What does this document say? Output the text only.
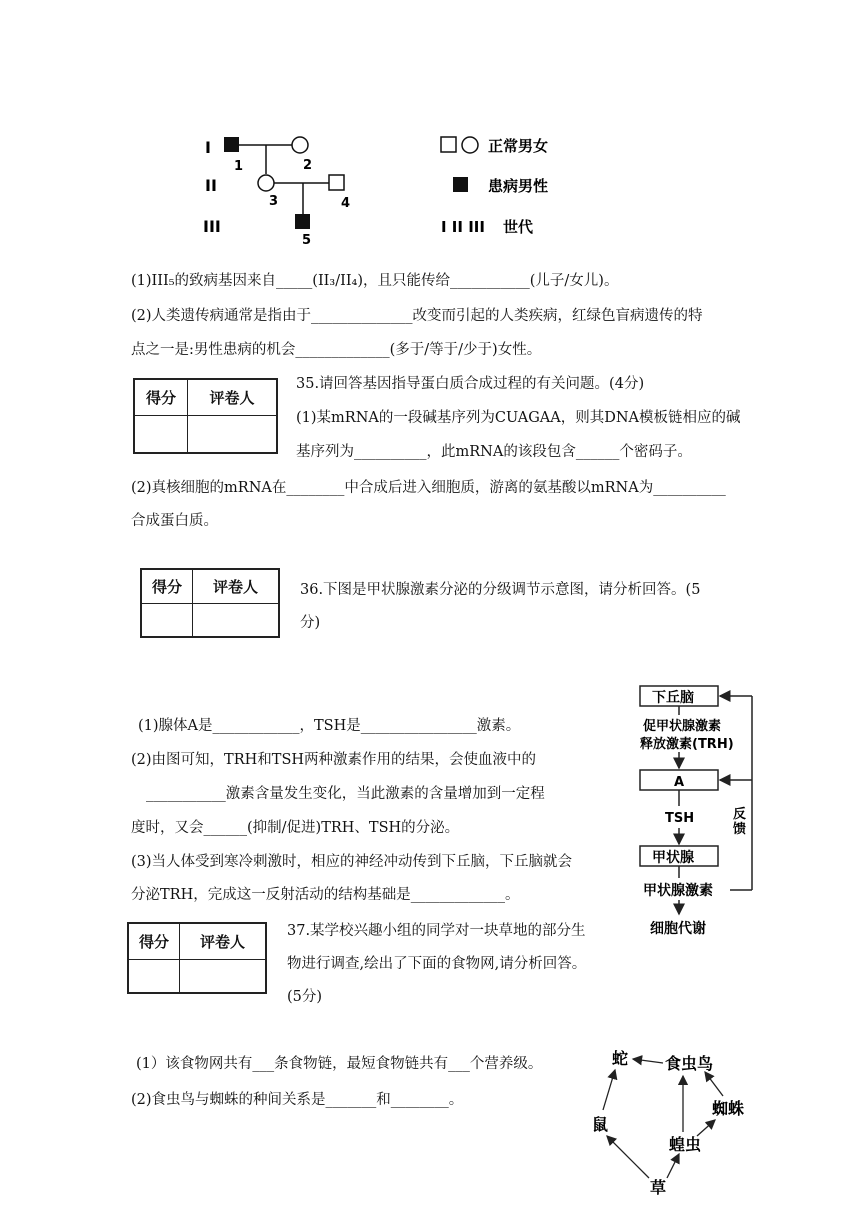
I
II
III
1	2
3	4
5
正常男女
患病男性
I II III 世代
(1)III₅的致病基因来自_____(II₃/II₄)，且只能传给___________(儿子/女儿)。
(2)人类遗传病通常是指由于______________改变而引起的人类疾病，红绿色盲病遗传的特
点之一是:男性患病的机会_____________(多于/等于/少于)女性。
得分	评卷人

35.请回答基因指导蛋白质合成过程的有关问题。(4分)
(1)某mRNA的一段碱基序列为CUAGAA，则其DNA模板链相应的碱
基序列为__________，此mRNA的该段包含______个密码子。
(2)真核细胞的mRNA在________中合成后进入细胞质，游离的氨基酸以mRNA为__________
合成蛋白质。
得分	评卷人
		36.下图是甲状腺激素分泌的分级调节示意图，请分析回答。(5
分)
(1)腺体A是____________，TSH是________________激素。
(2)由图可知，TRH和TSH两种激素作用的结果，会使血液中的
___________激素含量发生变化，当此激素的含量增加到一定程
度时，又会______(抑制/促进)TRH、TSH的分泌。
(3)当人体受到寒冷刺激时，相应的神经冲动传到下丘脑，下丘脑就会
分泌TRH，完成这一反射活动的结构基础是_____________。
下丘脑
促甲状腺激素
释放激素(TRH)
A
TSH
甲状腺
甲状腺激素
细胞代谢
反
馈
得分	评卷人

37.某学校兴趣小组的同学对一块草地的部分生
物进行调查,绘出了下面的食物网,请分析回答。
(5分)
(1）该食物网共有___条食物链，最短食物链共有___个营养级。
(2)食虫鸟与蜘蛛的种间关系是_______和________。
蛇 食虫鸟
鼠
蜘蛛
蝗虫
草
